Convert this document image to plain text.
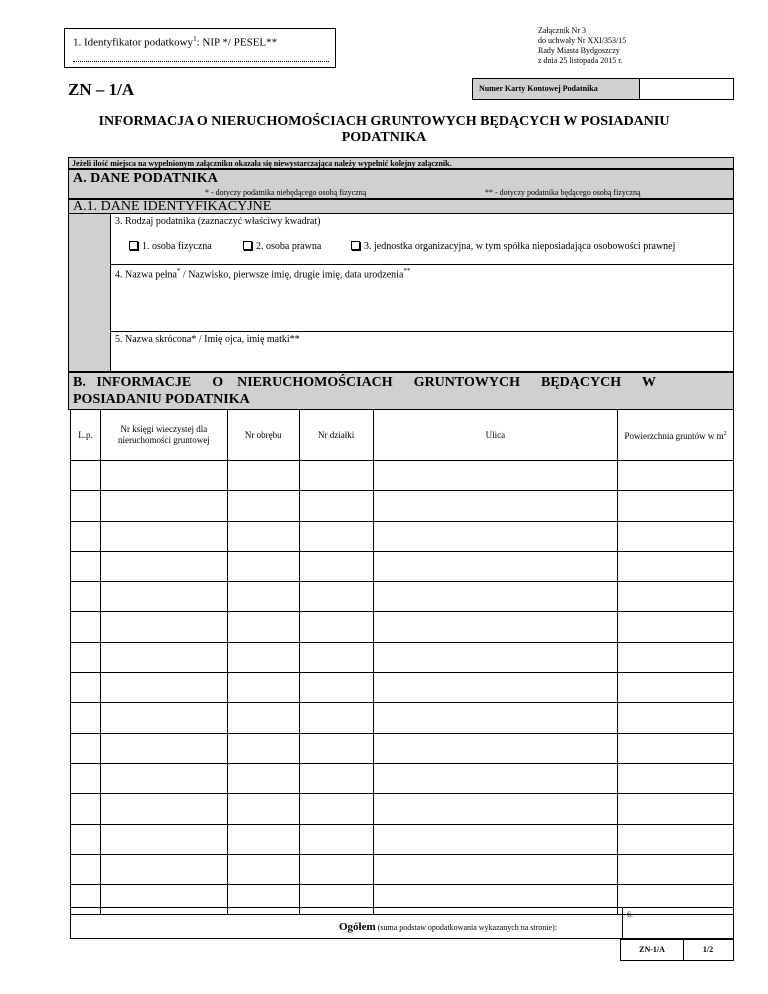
1. Identyfikator podatkowy$^1$: NIP */ PESEL**
Załącznik Nr 3
do uchwały Nr XXI/353/15
Rady Miasta Bydgoszczy
z dnia 25 listopada 2015 r.
ZN – 1/A	Numer Karty Kontowej Podatnika
INFORMACJA O NIERUCHOMOŚCIACH GRUNTOWYCH BĘDĄCYCH W POSIADANIU PODATNIKA
Jeżeli ilość miejsca na wypełnionym załączniku okazała się niewystarczająca należy wypełnić kolejny załącznik.
A. DANE PODATNIKA
* - dotyczy podatnika niebędącego osobą fizyczną	** - dotyczy podatnika będącego osobą fizyczną
A.1. DANE IDENTYFIKACYJNE
3. Rodzaj podatnika (zaznaczyć właściwy kwadrat)
1. osoba fizyczna	2. osoba prawna	3. jednostka organizacyjna, w tym spółka nieposiadająca osobowości prawnej
4. Nazwa pełna* / Nazwisko, pierwsze imię, drugie imię, data urodzenia**
5. Nazwa skrócona* / Imię ojca, imię matki**
B.   INFORMACJE      O    NIERUCHOMOŚCIACH      GRUNTOWYCH      BĘDĄCYCH      W
POSIADANIU PODATNIKA
L.p.	Nr księgi wieczystej dla nieruchomości gruntowej	Nr obrębu	Nr działki	Ulica	Powierzchnia gruntów w $m^2$

Ogółem (suma podstaw opodatkowania wykazanych na stronie):
6.
ZN-1/A	1/2
